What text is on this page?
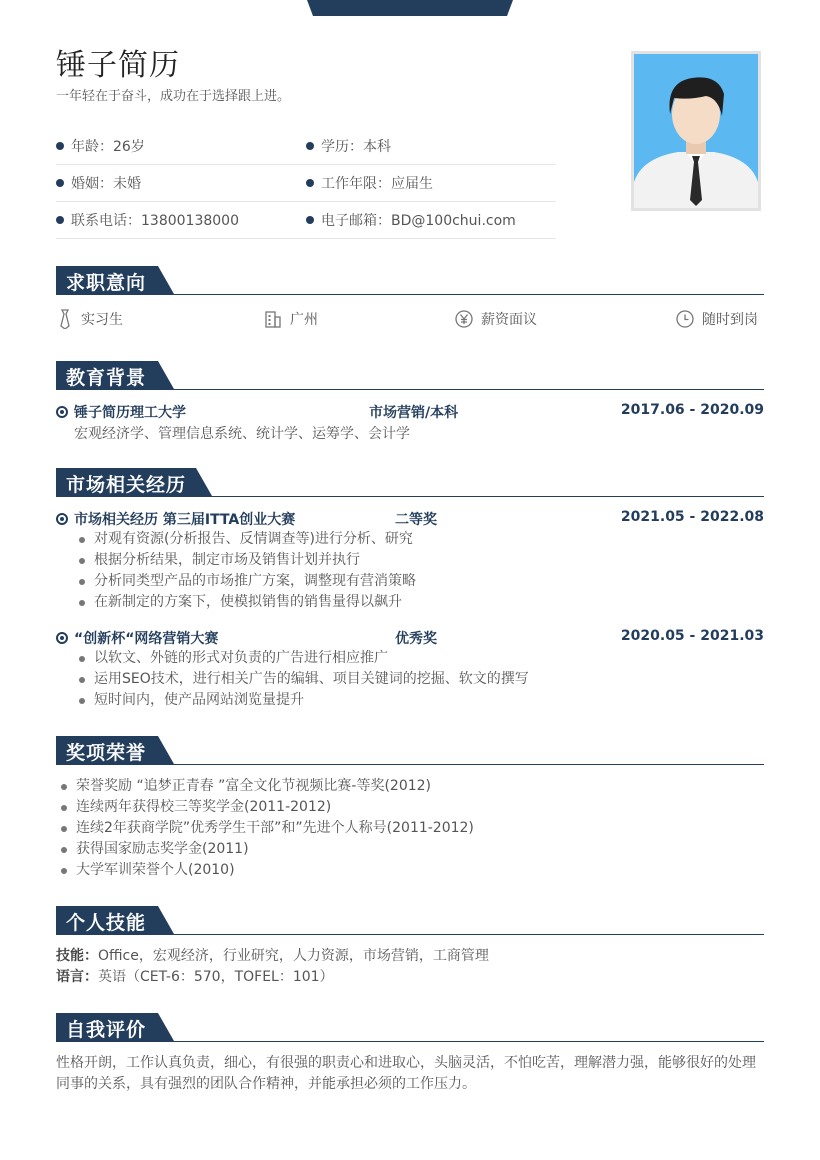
锤子简历
一年轻在于奋斗，成功在于选择跟上进。
年龄：26岁	学历：本科
婚姻：未婚	工作年限：应届生
联系电话：13800138000	电子邮箱：BD@100chui.com
求职意向
实习生	广州	薪资面议	随时到岗
教育背景
锤子简历理工大学	市场营销/本科	2017.06 - 2020.09
宏观经济学、管理信息系统、统计学、运筹学、会计学
市场相关经历
市场相关经历 第三届ITTA创业大赛	二等奖	2021.05 - 2022.08
对观有资源(分析报告、反情调查等)进行分析、研究
根据分析结果，制定市场及销售计划并执行
分析同类型产品的市场推广方案，调整现有营消策略
在新制定的方案下，使模拟销售的销售量得以飙升
“创新杯“网络营销大赛	优秀奖	2020.05 - 2021.03
以软文、外链的形式对负责的广告进行相应推广
运用SEO技术，进行相关广告的编辑、项目关键词的挖掘、软文的撰写
短时间内，使产品网站浏览量提升
奖项荣誉
荣誉奖励 “追梦正青春 ”富全文化节视频比赛-等奖(2012)
连续两年获得校三等奖学金(2011-2012)
连续2年获商学院”优秀学生干部”和”先进个人称号(2011-2012)
获得国家励志奖学金(2011)
大学军训荣誉个人(2010)
个人技能
技能：Office，宏观经济，行业研究，人力资源，市场营销，工商管理
语言：英语（CET-6：570，TOFEL：101）
自我评价
性格开朗，工作认真负责，细心，有很强的职责心和进取心，头脑灵活，不怕吃苦，理解潜力强，能够很好的处理同事的关系，具有强烈的团队合作精神，并能承担必须的工作压力。
